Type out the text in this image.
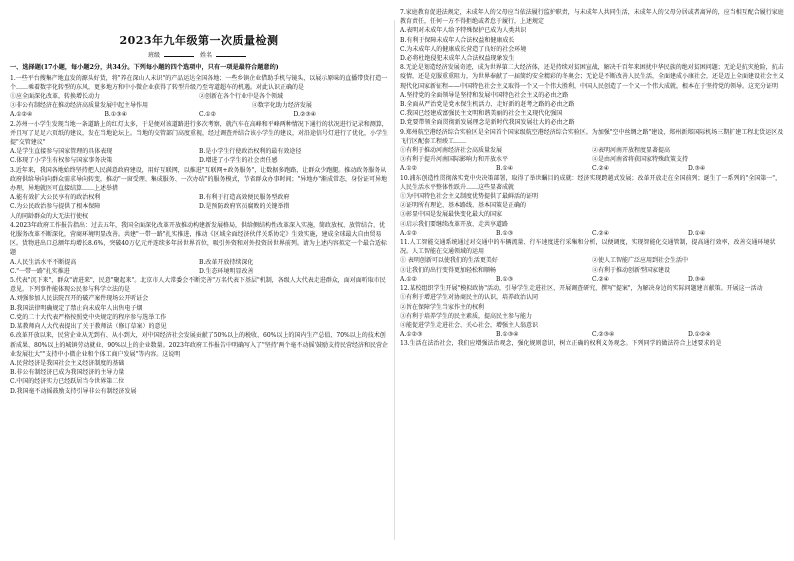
2023年九年级第一次质量检测
班级	姓名
一、选择题(17小题，每小题2分，共34分。下列每小题的四个选项中，只有一项是最符合题意的)

1.一些平台搜集产地直发的源头好货，将"养在深山人未识"的产品运达全国各地；一些乡镇企业借助手机与镜头，以展示原味的直播带货打造一个……乘着数字化转型的东风，更多地方和中小微企业获得了转型升级乃至弯道超车的机遇。对此认识正确的是

①应全面深化改革，转换增长动力	②创新在各个行业中是各个领域
③非公有制经济在推动经济高质量发展中起主导作用	④数字化助力经济发展
A.①②④	B.①③④	C.①②	D.②③④

2.苏州一小学生发现当地一条道路上的红灯太多，于是便对该道路进行多次考察，就汽车在高峰和平峰两种情况下通行的状况进行记录和测算，并且写了足足六页纸的建议，发在当地论坛上。当地的交管部门高度重视，经过调查并结合该小学生的建议，对沿途信号灯进行了优化，小学生提"交管建议"

A.是学生直接参与国家管理的具体表现	B.是小学生行使政治权利的最有效途径
C.体现了小学生有权参与国家事务决策	D.增进了小学生的社会责任感

3.近年来，我国各地始终坚持把人民满意政府建设，用好互联网，以推进"互联网+政务服务"，让数据多跑路，让群众少跑腿。推动政务服务从政府供给导向向群众需求导向转变，推动"一窗受理、集成服务、一次办结"的服务模式，节省群众办事时间；"异地办"渐成常态，身份证可异地办理，异地就医可直接结算……上述举措

A.能有效扩大公民享有的政治权利	B.有利于打造高效便民服务型政府
C.为公民政治参与提供了根本保障	D.是预防政府官员腐败的关键举措

人的同龄群众的大无法行使权

4.2023年政府工作报告指出：过去五年，我国全面深化改革开放推动构建新发展格局，供给侧结构性改革深入实施，简政放权、放管结合、优化服务改革不断深化，营商环境明显改善。共建"一带一路"扎实推进，推动《区域全面经济伙伴关系协定》生效实施，建成全球最大自由贸易区。货物进出口总额年均增长8.6%，突破40万亿元并连续多年居世界首位，吸引外资和对外投资居世界前列。请为上述内容拟定一个最合适标题

A.人民生活水平不断提高	B.改革开放持续深化
C."一带一路"扎实推进	D.生态环境明显改善

5.代表"沉下来"，群众"请进来"，民意"聚起来"。北京市人大常委会不断完善"万名代表下基层"机制，各级人大代表走进群众，面对面听取市民意见。下列事件能体现公民参与科学立法的是

A.刘强参加人民法院召开的破产案件现场公开听证会

B.我国法律明确规定了禁止向未成年人出售电子烟

C.党的二十大代表严格按照党中央规定的程序参与选举工作

D.某教师向人大代表提出了关于教师法（修订草案）的意见

6.改革开放以来，民营企业从无到有、从小到大，对中国经济社会发展贡献了50%以上的税收、60%以上的国内生产总值、70%以上的技术创新成果、80%以上的城镇劳动就业、90%以上的企业数量。2023年政府工作报告中明确写入了"坚持'两个毫不动摇'鼓励支持民营经济和民营企业发展壮大""支持中小微企业和个体工商户发展"等内容。这说明

A.民营经济是我国社会主义经济制度的基础

B.非公有制经济已成为我国经济的主导力量

C.中国的经济实力已经跃居当今世界第二位

D.我国毫不动摇鼓励支持引导非公有制经济发展

7.家庭教育促进法规定，未成年人的父母应当依法履行监护职责，与未成年人共同生活，未成年人的父母分居或者离异的，应当相互配合履行家庭教育责任，任何一方不得拒绝或者怠于履行，上述规定

A.表明对未成年人给予特殊保护已成为人类共识

B.有利于保障未成年人合法权益和健康成长

C.为未成年人的健康成长营造了良好的社会环境

D.必将杜绝侵犯未成年人合法权益现象发生

8.无论是划造经济发展奇迹，成为世界第二大经济体，还是持续对贫困宣战，解决千百年来困扰中华民族的绝对贫困问题；无论是抗灾抢险，抗击疫情，还是克服重重阻力，为世界奉献了一届简约安全精彩的冬奥会；无论是不断改善人民生活，全面建成小康社会，还是迈上全面建设社会主义现代化国家新征程——中国特色社会主义取得一个又一个伟大胜利，中国人民创造了一个又一个伟大成就，根本在于坚持党的领导。这充分证明

A.坚持党的全面领导是坚持和发展中国特色社会主义的必由之路

B.全面从严治党是党永保生机活力、走好新的赶考之路的必由之路

C.我国已经建成富强民主文明和谐美丽的社会主义现代化强国

D.党要带领全面贯彻新发展理念是新时代我国发展壮大的必由之路

9.郑州航空港经济综合实验区是全国首个国家级航空港经济综合实验区。为加强"空中丝绸之路"建设，郑州新郑国际机场三期扩建工程北货运区及飞行区配套工程竣工……

①有利于推动河南经济社会高质量发展	②表明河南开放程度显著提高
③有利于提升河南国际影响力和开放水平	④是由河南省将获国家特殊政策支持
A.①②	B.①④	C.②④	D.③④

10.浦东创造性贯彻落实党中央决策部署，取得了举世瞩目的成就：经济实现跨越式发展；改革开放走在全国前列；诞生了一系列的"全国第一"，人民生活水平整体性跃升……这些显著成就

①为中国特色社会主义制度优势提供了最鲜活的证明

②证明所有理论、基本路线、基本国策是正确的

③彰显中国是发展最快变化最大的国家

④启示我们要继续改革开放、走共享道路

A.①②	B.①③	C.②④	D.①④

11.人工智能交通系统通过对交通中的车辆流量、行车速度进行采集和分析，以便调度，实现智能化交通管制，提高通行效率，改善交通环境状况。人工智能在交通领域的运用

① 表明创新可以使我们的生活更美好	②使人工智能广泛应用到社会生活中
③让我们的出行变得更加轻松和顺畅	④有利于推动创新型国家建设
A.①②	B.①③	C.②④	D.③④

12.某校组织学生开展"模拟政协"活动，引导学生走进社区，开展调查研究，撰写"提案"，为解决身边的实际问题建言献策。开展这一活动

①有利于增进学生对协商民主的认识，培养政治认同

②旨在保障学生当家作主的权利

③有利于培养学生的民主素质，提高民主参与能力

④能促进学生走进社会、关心社会，增强主人翁意识

A.①②③	B.①③④	C.②③④	D.①②④

13.生活在法治社会，我们应增强法治观念，强化规则意识，树立正确的权利义务观念。下列同学的做法符合上述要求的是
